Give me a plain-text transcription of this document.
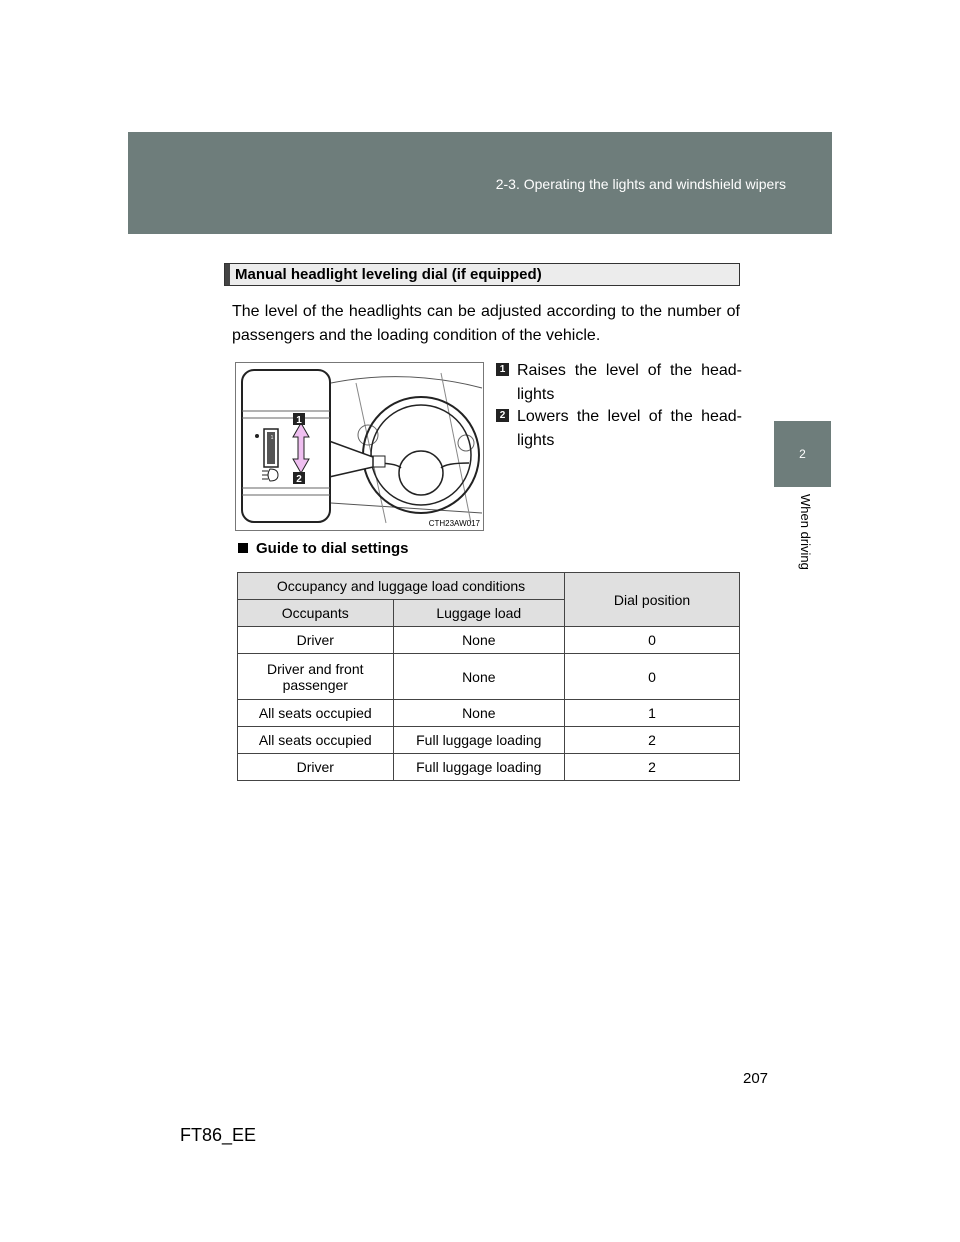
2-3. Operating the lights and windshield wipers
2
When driving
Manual headlight leveling dial (if equipped)
The level of the headlights can be adjusted according to the number of passengers and the loading condition of the vehicle.
1
1
2
CTH23AW017
1 Raises the level of the head-lights
2 Lowers the level of the head-lights
Guide to dial settings
Occupancy and luggage load conditions		Dial position
Occupants	Luggage load	
Driver	None	0
Driver and front passenger	None	0
All seats occupied	None	1
All seats occupied	Full luggage loading	2
Driver	Full luggage loading	2
207
FT86_EE
